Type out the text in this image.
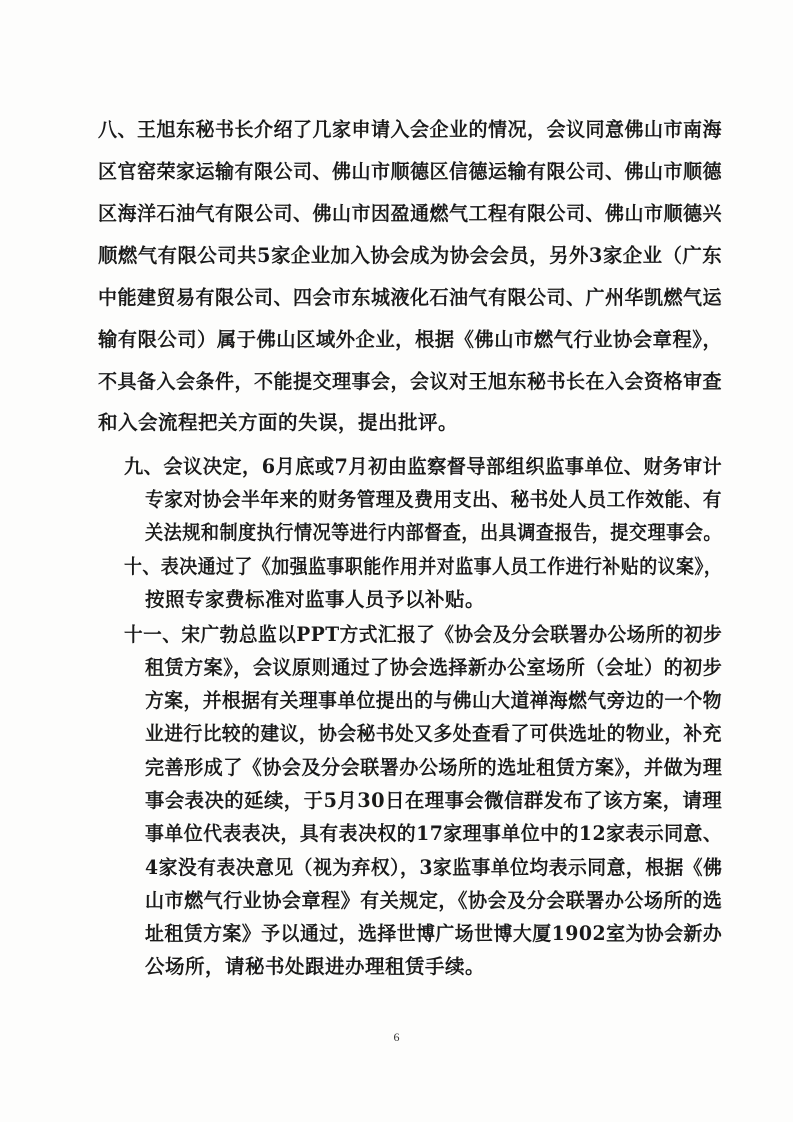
八、王旭东秘书长介绍了几家申请入会企业的情况，会议同意佛山市南海
区官窑荣家运输有限公司、佛山市顺德区信德运输有限公司、佛山市顺德
区海洋石油气有限公司、佛山市因盈通燃气工程有限公司、佛山市顺德兴
顺燃气有限公司共5家企业加入协会成为协会会员，另外3家企业（广东
中能建贸易有限公司、四会市东城液化石油气有限公司、广州华凯燃气运
输有限公司）属于佛山区域外企业，根据《佛山市燃气行业协会章程》，
不具备入会条件，不能提交理事会，会议对王旭东秘书长在入会资格审查
和入会流程把关方面的失误，提出批评。
九、会议决定，6月底或7月初由监察督导部组织监事单位、财务审计
专家对协会半年来的财务管理及费用支出、秘书处人员工作效能、有
关法规和制度执行情况等进行内部督查，出具调查报告，提交理事会。
十、表决通过了《加强监事职能作用并对监事人员工作进行补贴的议案》，
按照专家费标准对监事人员予以补贴。
十一、宋广勃总监以PPT方式汇报了《协会及分会联署办公场所的初步
租赁方案》，会议原则通过了协会选择新办公室场所（会址）的初步
方案，并根据有关理事单位提出的与佛山大道禅海燃气旁边的一个物
业进行比较的建议，协会秘书处又多处查看了可供选址的物业，补充
完善形成了《协会及分会联署办公场所的选址租赁方案》，并做为理
事会表决的延续，于5月30日在理事会微信群发布了该方案，请理
事单位代表表决，具有表决权的17家理事单位中的12家表示同意、
4家没有表决意见（视为弃权），3家监事单位均表示同意，根据《佛
山市燃气行业协会章程》有关规定，《协会及分会联署办公场所的选
址租赁方案》予以通过，选择世博广场世博大厦1902室为协会新办
公场所，请秘书处跟进办理租赁手续。
6
